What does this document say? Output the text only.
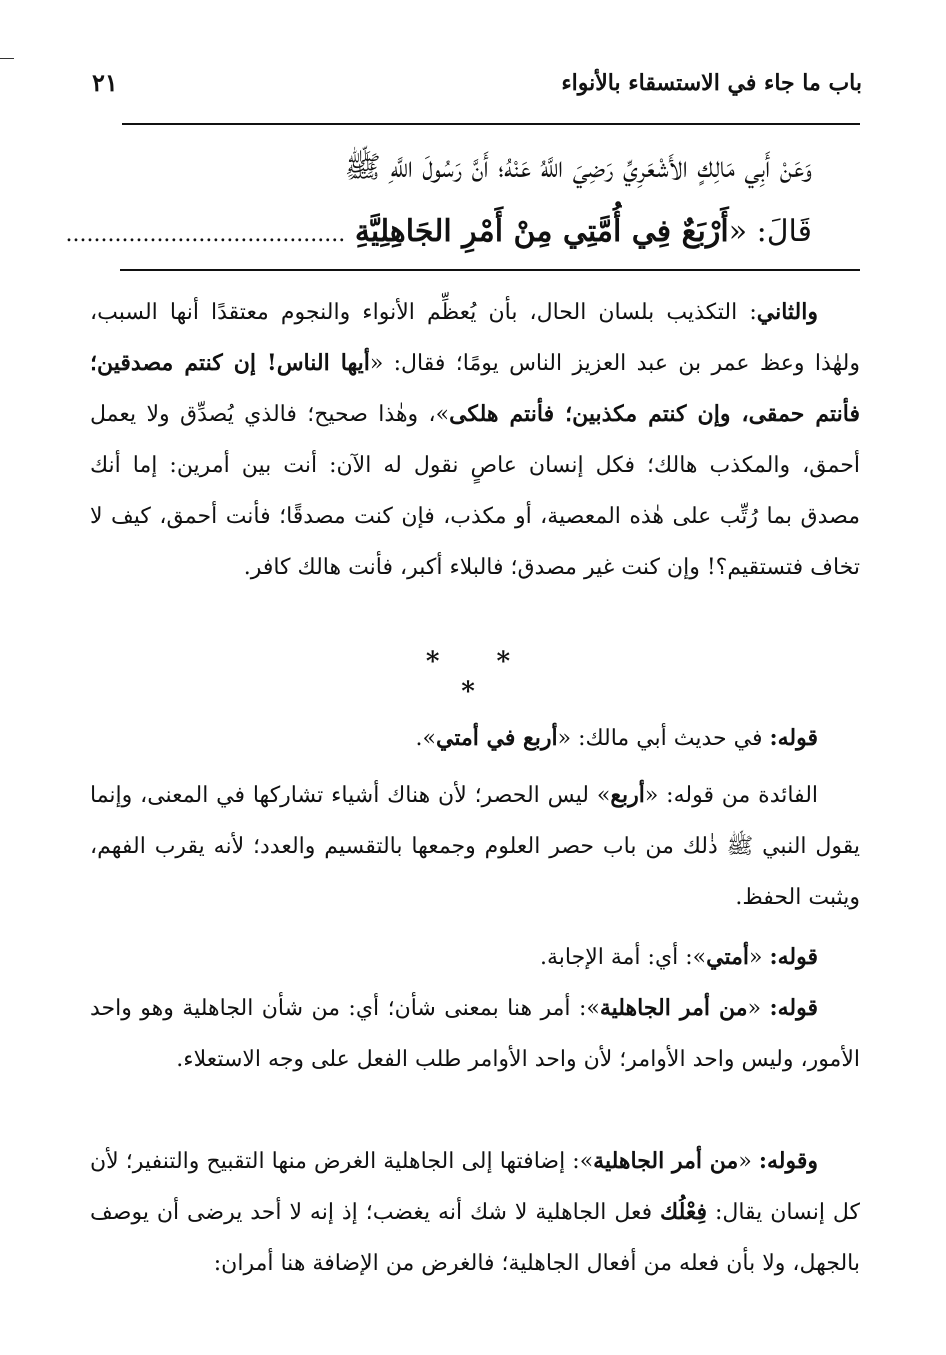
باب ما جاء في الاستسقاء بالأنواء
٢١
وَعَنْ أَبِي مَالِكٍ الأَشْعَرِيِّ رَضِيَ اللَّهُ عَنْهُ؛ أَنَّ رَسُولَ اللَّهِ ﷺ
قَالَ: «أَرْبَعٌ فِي أُمَّتِي مِنْ أَمْرِ الجَاهِلِيَّةِ ........................................

والثاني: التكذيب بلسان الحال، بأن يُعظِّم الأنواء والنجوم معتقدًا أنها السبب، ولهٰذا وعظ عمر بن عبد العزيز الناس يومًا؛ فقال: «أيها الناس! إن كنتم مصدقين؛ فأنتم حمقى، وإن كنتم مكذبين؛ فأنتم هلكى»، وهٰذا صحيح؛ فالذي يُصدِّق ولا يعمل أحمق، والمكذب هالك؛ فكل إنسان عاصٍ نقول له الآن: أنت بين أمرين: إما أنك مصدق بما رُتِّب على هٰذه المعصية، أو مكذب، فإن كنت مصدقًا؛ فأنت أحمق، كيف لا تخاف فتستقيم؟! وإن كنت غير مصدق؛ فالبلاء أكبر، فأنت هالك كافر.

* * *

قوله: في حديث أبي مالك: «أربع في أمتي».

الفائدة من قوله: «أربع» ليس الحصر؛ لأن هناك أشياء تشاركها في المعنى، وإنما يقول النبي ﷺ ذٰلك من باب حصر العلوم وجمعها بالتقسيم والعدد؛ لأنه يقرب الفهم، ويثبت الحفظ.

قوله: «أمتي»: أي: أمة الإجابة.

قوله: «من أمر الجاهلية»: أمر هنا بمعنى شأن؛ أي: من شأن الجاهلية وهو واحد الأمور، وليس واحد الأوامر؛ لأن واحد الأوامر طلب الفعل على وجه الاستعلاء.

وقوله: «من أمر الجاهلية»: إضافتها إلى الجاهلية الغرض منها التقبيح والتنفير؛ لأن كل إنسان يقال: فِعْلُك فعل الجاهلية لا شك أنه يغضب؛ إذ إنه لا أحد يرضى أن يوصف بالجهل، ولا بأن فعله من أفعال الجاهلية؛ فالغرض من الإضافة هنا أمران:
